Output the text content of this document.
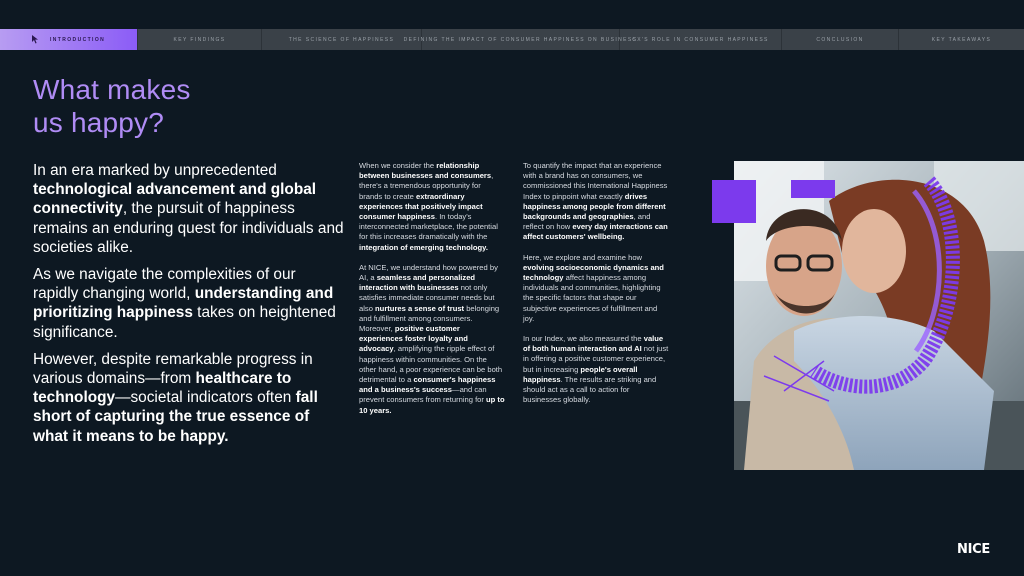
INTRODUCTION	KEY FINDINGS	THE SCIENCE OF HAPPINESS DEFINING THE IMPACT OF CONSUMER HAPPINESS ON BUSINESS
CX'S ROLE IN CONSUMER HAPPINESS	CONCLUSION	KEY TAKEAWAYS
What makes
us happy?

In an era marked by unprecedented technological advancement and global connectivity, the pursuit of happiness remains an enduring quest for individuals and societies alike.

As we navigate the complexities of our rapidly changing world, understanding and prioritizing happiness takes on heightened significance.

However, despite remarkable progress in various domains—from healthcare to technology—societal indicators often fall short of capturing the true essence of what it means to be happy.

When we consider the relationship between businesses and consumers, there's a tremendous opportunity for brands to create extraordinary experiences that positively impact consumer happiness. In today's interconnected marketplace, the potential for this increases dramatically with the integration of emerging technology.

At NICE, we understand how powered by AI, a seamless and personalized interaction with businesses not only satisfies immediate consumer needs but also nurtures a sense of trust belonging and fulfillment among consumers. Moreover, positive customer experiences foster loyalty and advocacy, amplifying the ripple effect of happiness within communities. On the other hand, a poor experience can be both detrimental to a consumer's happiness and a business's success—and can prevent consumers from returning for up to 10 years.

To quantify the impact that an experience with a brand has on consumers, we commissioned this International Happiness Index to pinpoint what exactly drives happiness among people from different backgrounds and geographies, and reflect on how every day interactions can affect customers' wellbeing.

Here, we explore and examine how evolving socioeconomic dynamics and technology affect happiness among individuals and communities, highlighting the specific factors that shape our subjective experiences of fulfillment and joy.

In our Index, we also measured the value of both human interaction and AI not just in offering a positive customer experience, but in increasing people's overall happiness. The results are striking and should act as a call to action for businesses globally.

NICE
